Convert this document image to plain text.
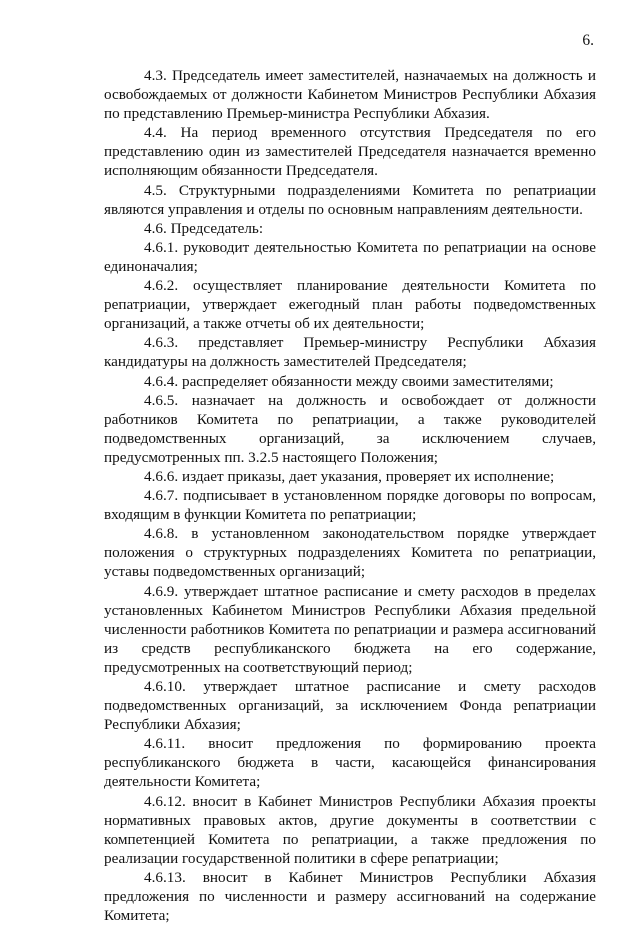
6.

4.3. Председатель имеет заместителей, назначаемых на должность и освобождаемых от должности Кабинетом Министров Республики Абхазия по представлению Премьер-министра Республики Абхазия.

4.4. На период временного отсутствия Председателя по его представлению один из заместителей Председателя назначается временно исполняющим обязанности Председателя.

4.5. Структурными подразделениями Комитета по репатриации являются управления и отделы по основным направлениям деятельности.

4.6. Председатель:

4.6.1. руководит деятельностью Комитета по репатриации на основе единоначалия;

4.6.2. осуществляет планирование деятельности Комитета по репатриации, утверждает ежегодный план работы подведомственных организаций, а также отчеты об их деятельности;

4.6.3. представляет Премьер-министру Республики Абхазия кандидатуры на должность заместителей Председателя;

4.6.4. распределяет обязанности между своими заместителями;

4.6.5. назначает на должность и освобождает от должности работников Комитета по репатриации, а также руководителей подведомственных организаций, за исключением случаев, предусмотренных пп. 3.2.5 настоящего Положения;

4.6.6. издает приказы, дает указания, проверяет их исполнение;

4.6.7. подписывает в установленном порядке договоры по вопросам, входящим в функции Комитета по репатриации;

4.6.8. в установленном законодательством порядке утверждает положения о структурных подразделениях Комитета по репатриации, уставы подведомственных организаций;

4.6.9. утверждает штатное расписание и смету расходов в пределах установленных Кабинетом Министров Республики Абхазия предельной численности работников Комитета по репатриации и размера ассигнований из средств республиканского бюджета на его содержание, предусмотренных на соответствующий период;

4.6.10. утверждает штатное расписание и смету расходов подведомственных организаций, за исключением Фонда репатриации Республики Абхазия;

4.6.11. вносит предложения по формированию проекта республиканского бюджета в части, касающейся финансирования деятельности Комитета;

4.6.12. вносит в Кабинет Министров Республики Абхазия проекты нормативных правовых актов, другие документы в соответствии с компетенцией Комитета по репатриации, а также предложения по реализации государственной политики в сфере репатриации;

4.6.13. вносит в Кабинет Министров Республики Абхазия предложения по численности и размеру ассигнований на содержание Комитета;
